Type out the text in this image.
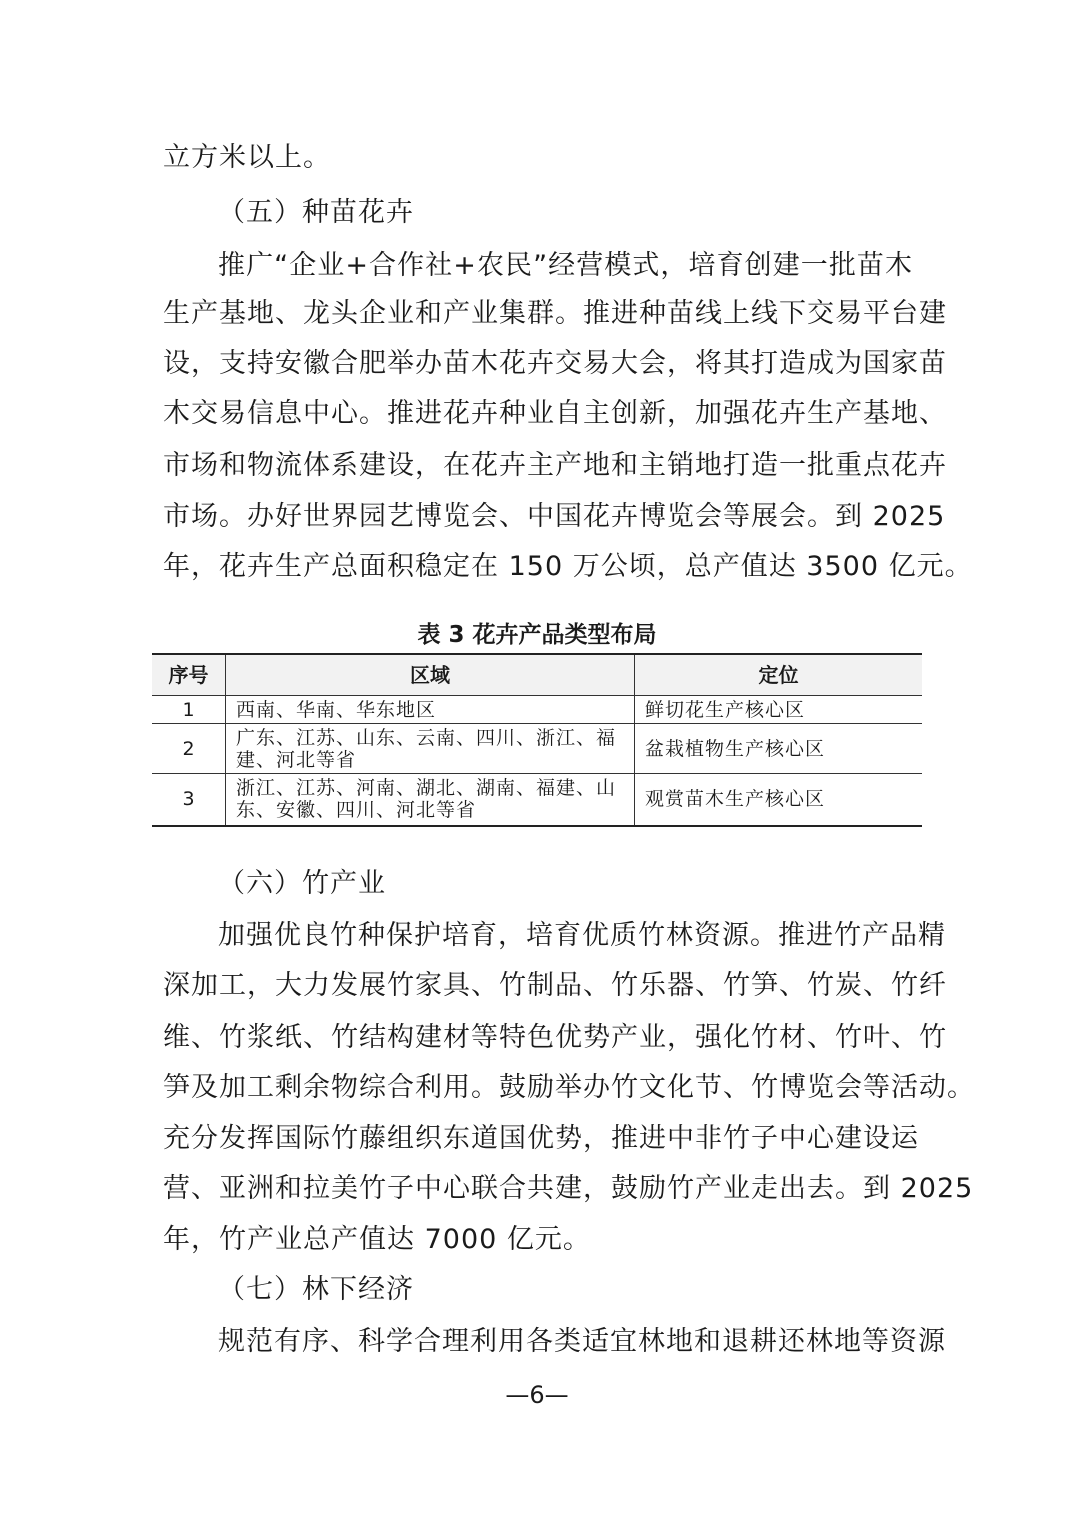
立方米以上。
（五）种苗花卉
推广“企业+合作社+农民”经营模式，培育创建一批苗木
生产基地、龙头企业和产业集群。推进种苗线上线下交易平台建
设，支持安徽合肥举办苗木花卉交易大会，将其打造成为国家苗
木交易信息中心。推进花卉种业自主创新，加强花卉生产基地、
市场和物流体系建设，在花卉主产地和主销地打造一批重点花卉
市场。办好世界园艺博览会、中国花卉博览会等展会。到 2025
年，花卉生产总面积稳定在 150 万公顷，总产值达 3500 亿元。
表 3 花卉产品类型布局
序号	区域	定位
1	西南、华南、华东地区	鲜切花生产核心区
2	广东、江苏、山东、云南、四川、浙江、福建、河北等省	盆栽植物生产核心区
3	浙江、江苏、河南、湖北、湖南、福建、山东、安徽、四川、河北等省	观赏苗木生产核心区
（六）竹产业
加强优良竹种保护培育，培育优质竹林资源。推进竹产品精
深加工，大力发展竹家具、竹制品、竹乐器、竹笋、竹炭、竹纤
维、竹浆纸、竹结构建材等特色优势产业，强化竹材、竹叶、竹
笋及加工剩余物综合利用。鼓励举办竹文化节、竹博览会等活动。
充分发挥国际竹藤组织东道国优势，推进中非竹子中心建设运
营、亚洲和拉美竹子中心联合共建，鼓励竹产业走出去。到 2025
年，竹产业总产值达 7000 亿元。
（七）林下经济
规范有序、科学合理利用各类适宜林地和退耕还林地等资源
—6—
